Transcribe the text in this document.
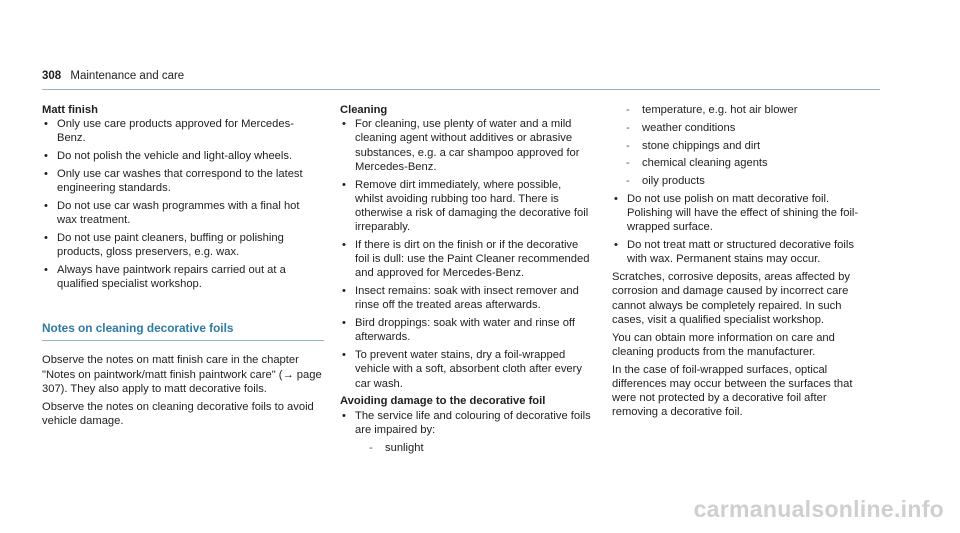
308 Maintenance and care
Matt finish
• Only use care products approved for Mercedes-Benz.
• Do not polish the vehicle and light-alloy wheels.
• Only use car washes that correspond to the latest engineering standards.
• Do not use car wash programmes with a final hot wax treatment.
• Do not use paint cleaners, buffing or polishing products, gloss preservers, e.g. wax.
• Always have paintwork repairs carried out at a qualified specialist workshop.
Notes on cleaning decorative foils

Observe the notes on matt finish care in the chapter "Notes on paintwork/matt finish paintwork care" (→ page 307). They also apply to matt decorative foils.

Observe the notes on cleaning decorative foils to avoid vehicle damage.

Cleaning
• For cleaning, use plenty of water and a mild cleaning agent without additives or abrasive substances, e.g. a car shampoo approved for Mercedes-Benz.
• Remove dirt immediately, where possible, whilst avoiding rubbing too hard. There is otherwise a risk of damaging the decorative foil irreparably.
• If there is dirt on the finish or if the decorative foil is dull: use the Paint Cleaner recommended and approved for Mercedes-Benz.
• Insect remains: soak with insect remover and rinse off the treated areas afterwards.
• Bird droppings: soak with water and rinse off afterwards.
• To prevent water stains, dry a foil-wrapped vehicle with a soft, absorbent cloth after every car wash.
Avoiding damage to the decorative foil
• The service life and colouring of decorative foils are impaired by:
- sunlight
- temperature, e.g. hot air blower
- weather conditions
- stone chippings and dirt
- chemical cleaning agents
- oily products
• Do not use polish on matt decorative foil. Polishing will have the effect of shining the foil-wrapped surface.
• Do not treat matt or structured decorative foils with wax. Permanent stains may occur.

Scratches, corrosive deposits, areas affected by corrosion and damage caused by incorrect care cannot always be completely repaired. In such cases, visit a qualified specialist workshop.

You can obtain more information on care and cleaning products from the manufacturer.

In the case of foil-wrapped surfaces, optical differences may occur between the surfaces that were not protected by a decorative foil after removing a decorative foil.

carmanualsonline.info
